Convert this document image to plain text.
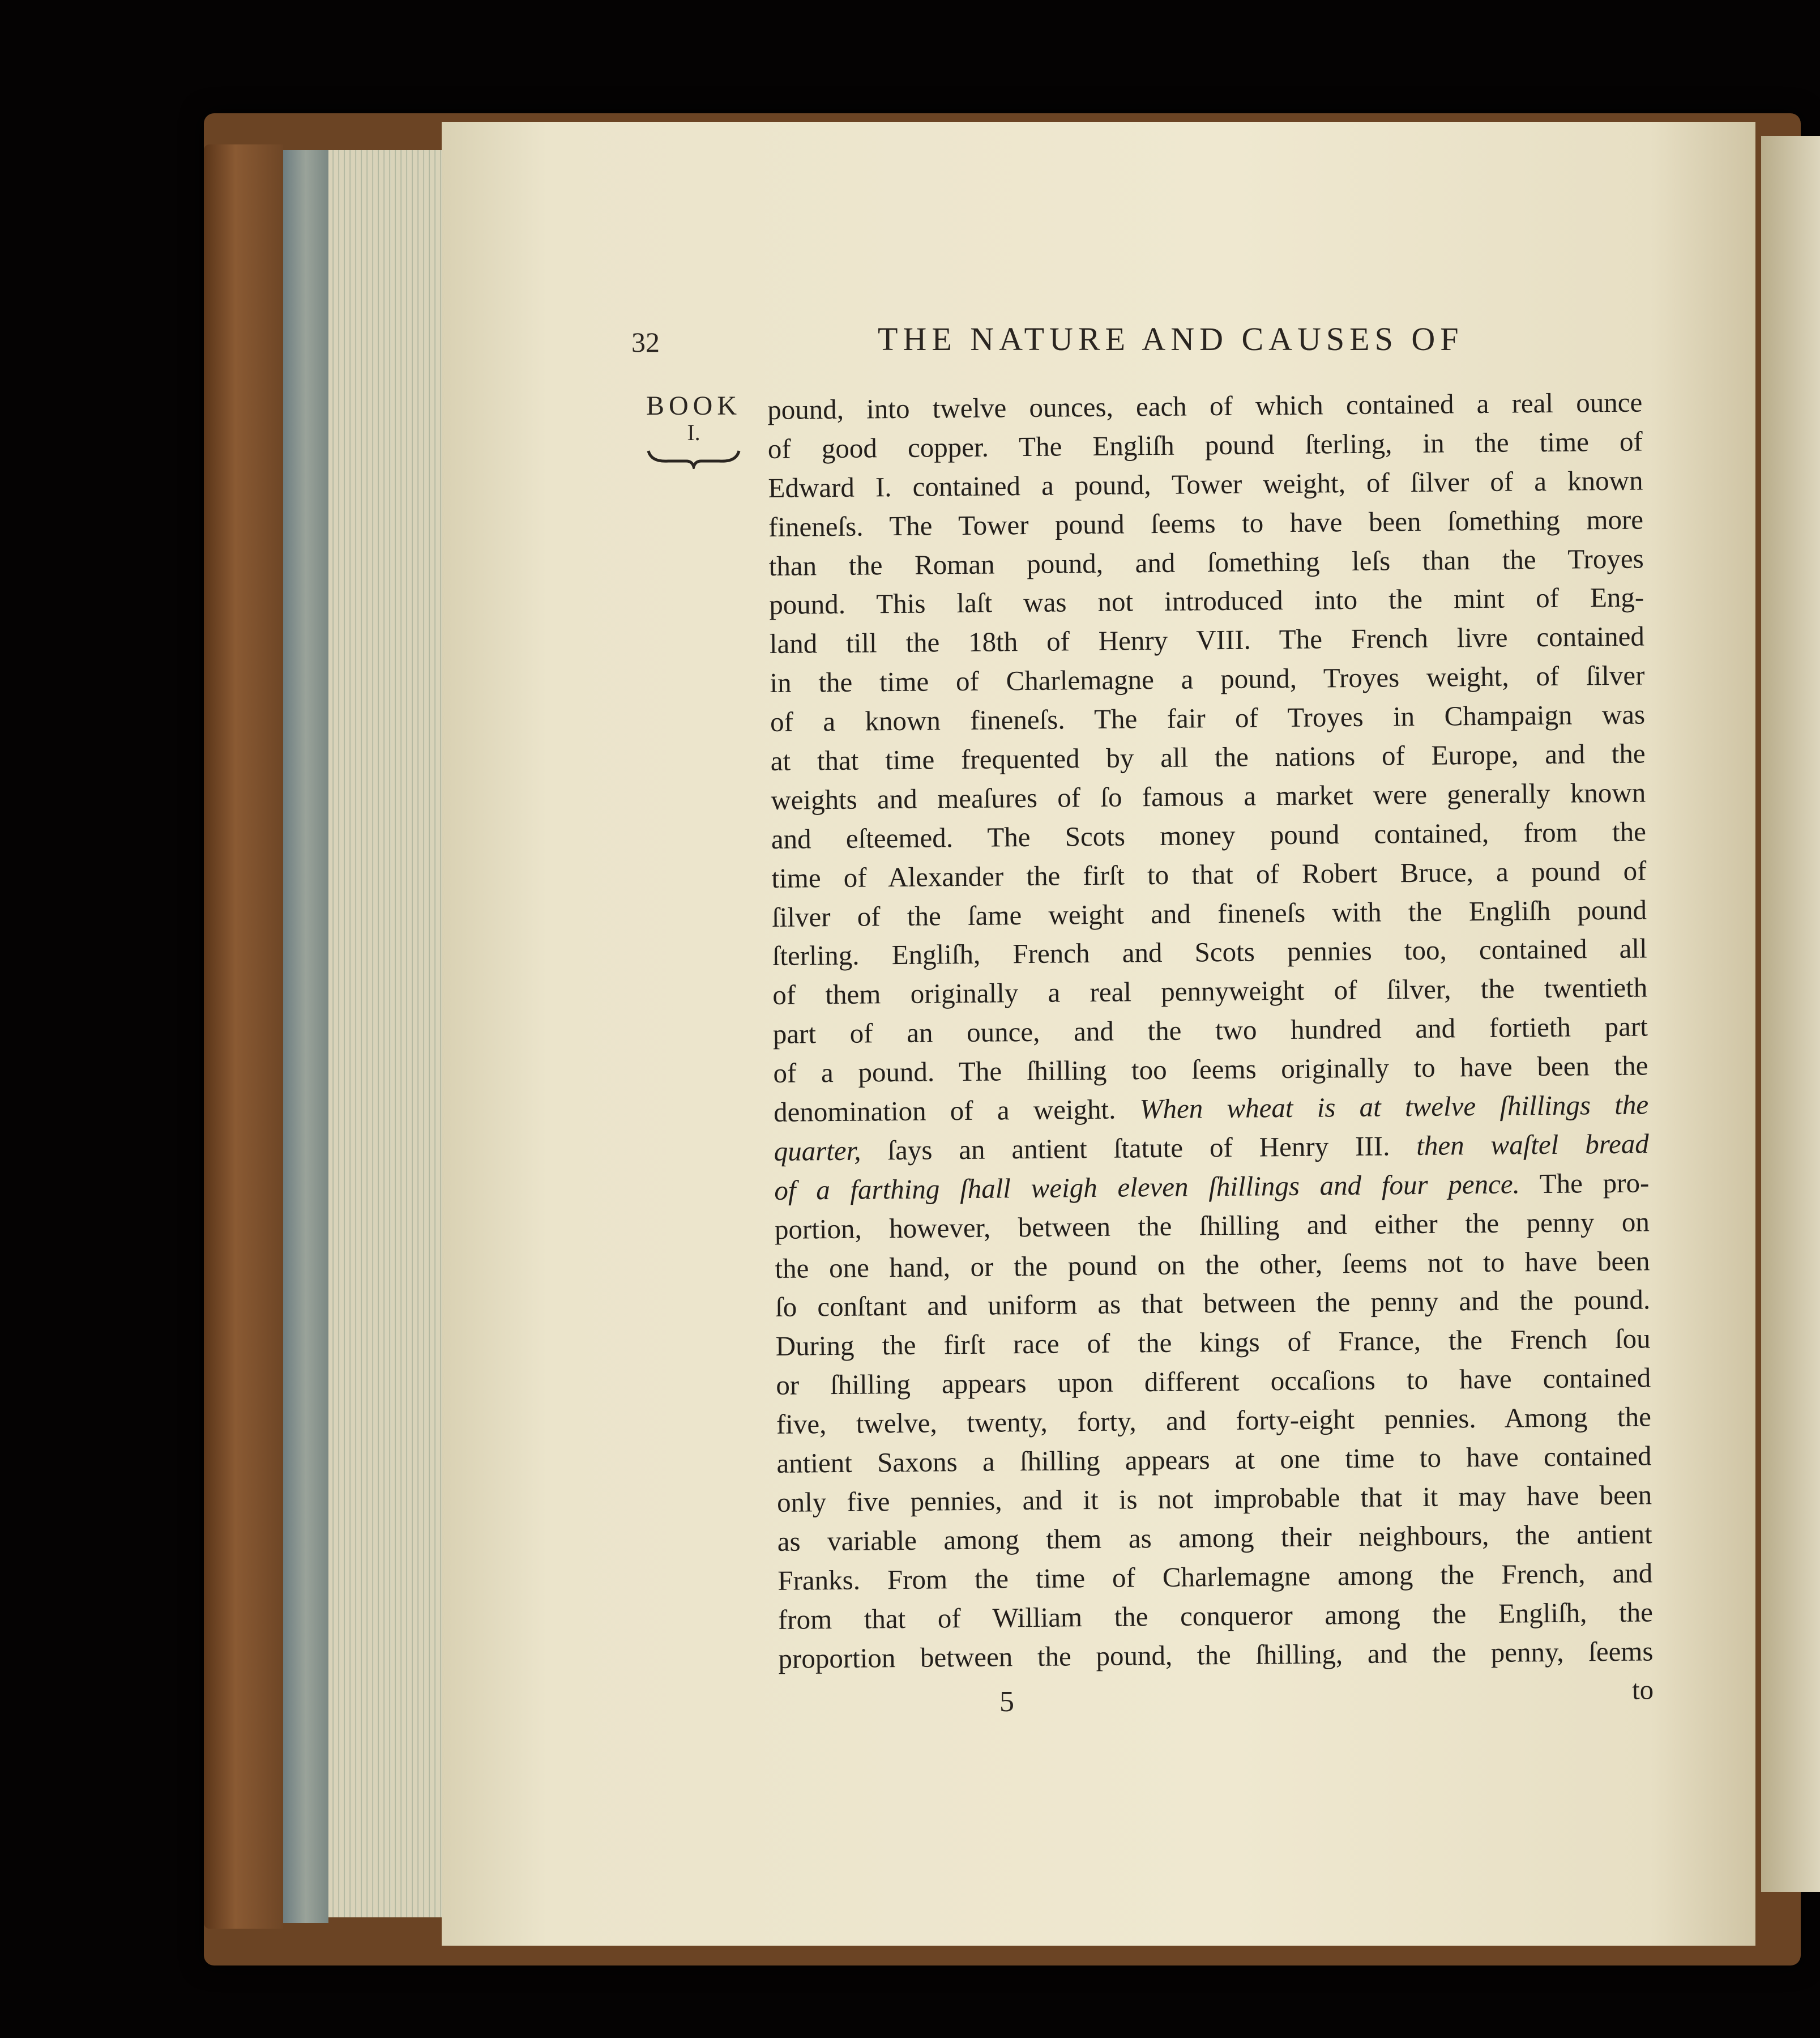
32	THE NATURE AND CAUSES OF
BOOK
I.
pound, into twelve ounces, each of which contained a real ounce
of good copper. The Engliſh pound ſterling, in the time of
Edward I. contained a pound, Tower weight, of ſilver of a known
fineneſs. The Tower pound ſeems to have been ſomething more
than the Roman pound, and ſomething leſs than the Troyes
pound. This laſt was not introduced into the mint of Eng-
land till the 18th of Henry VIII. The French livre contained
in the time of Charlemagne a pound, Troyes weight, of ſilver
of a known fineneſs. The fair of Troyes in Champaign was
at that time frequented by all the nations of Europe, and the
weights and meaſures of ſo famous a market were generally known
and eſteemed. The Scots money pound contained, from the
time of Alexander the firſt to that of Robert Bruce, a pound of
ſilver of the ſame weight and fineneſs with the Engliſh pound
ſterling. Engliſh, French and Scots pennies too, contained all
of them originally a real pennyweight of ſilver, the twentieth
part of an ounce, and the two hundred and fortieth part
of a pound. The ſhilling too ſeems originally to have been the
denomination of a weight. When wheat is at twelve ſhillings the
quarter, ſays an antient ſtatute of Henry III. then waſtel bread
of a farthing ſhall weigh eleven ſhillings and four pence. The pro-
portion, however, between the ſhilling and either the penny on
the one hand, or the pound on the other, ſeems not to have been
ſo conſtant and uniform as that between the penny and the pound.
During the firſt race of the kings of France, the French ſou
or ſhilling appears upon different occaſions to have contained
five, twelve, twenty, forty, and forty-eight pennies. Among the
antient Saxons a ſhilling appears at one time to have contained
only five pennies, and it is not improbable that it may have been
as variable among them as among their neighbours, the antient
Franks. From the time of Charlemagne among the French, and
from that of William the conqueror among the Engliſh, the
proportion between the pound, the ſhilling, and the penny, ſeems
to
5
